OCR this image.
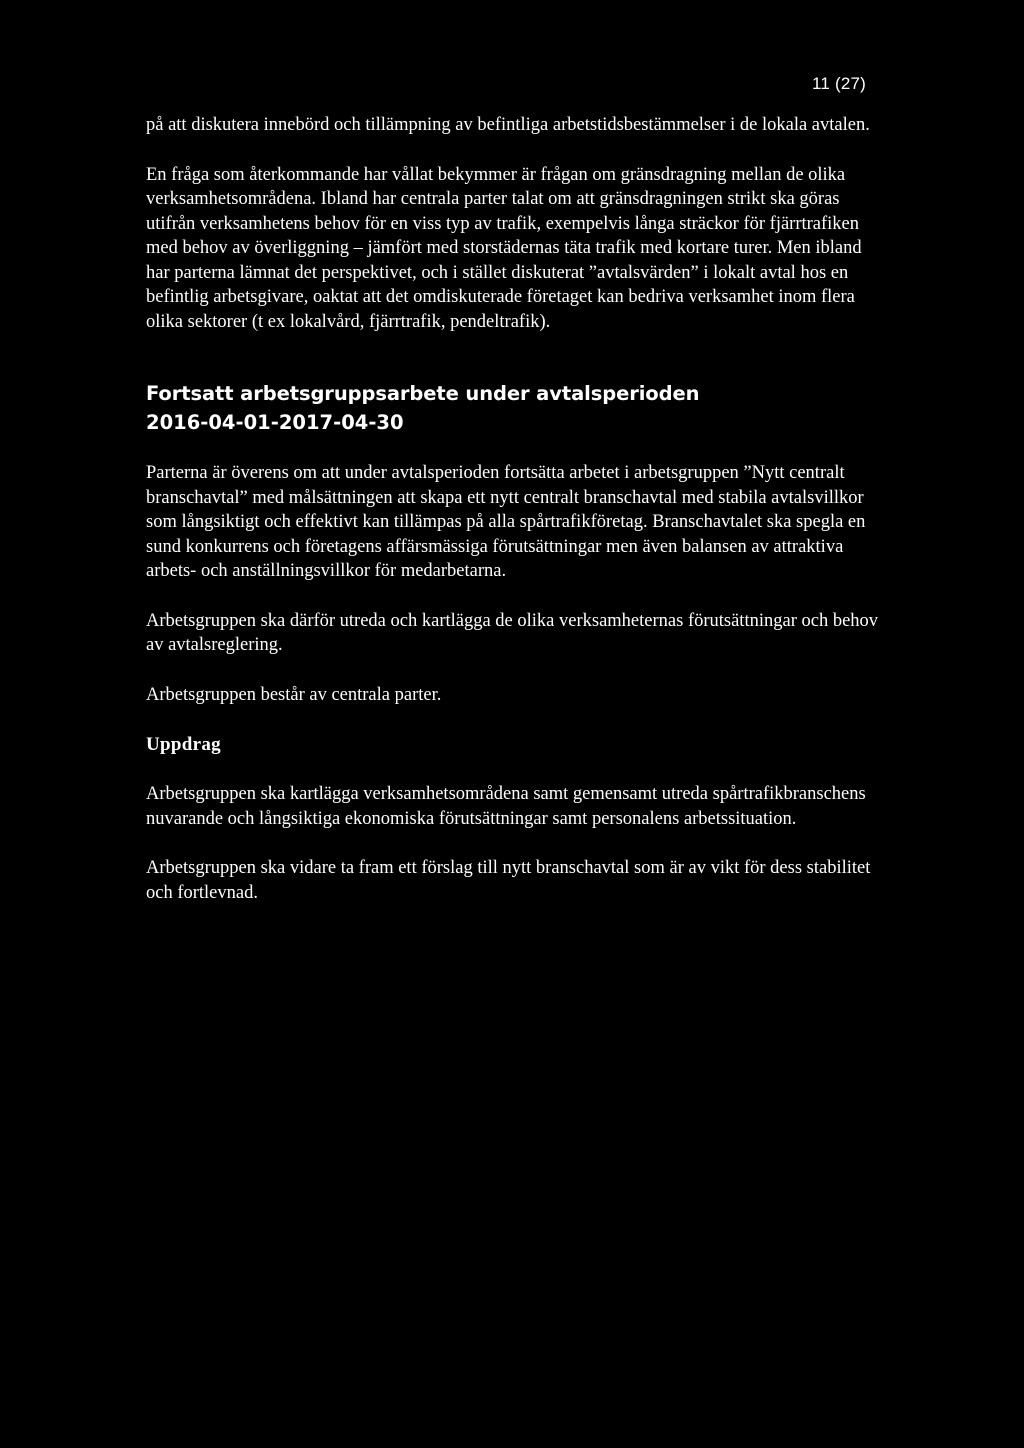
11 (27)

på att diskutera innebörd och tillämpning av befintliga arbetstidsbestämmelser i de lokala avtalen.

En fråga som återkommande har vållat bekymmer är frågan om gränsdragning mellan de olika verksamhetsområdena. Ibland har centrala parter talat om att gränsdragningen strikt ska göras utifrån verksamhetens behov för en viss typ av trafik, exempelvis långa sträckor för fjärrtrafiken med behov av överliggning – jämfört med storstädernas täta trafik med kortare turer. Men ibland har parterna lämnat det perspektivet, och i stället diskuterat ”avtalsvärden” i lokalt avtal hos en befintlig arbetsgivare, oaktat att det omdiskuterade företaget kan bedriva verksamhet inom flera olika sektorer (t ex lokalvård, fjärrtrafik, pendeltrafik).

Fortsatt arbetsgruppsarbete under avtalsperioden
2016-04-01-2017-04-30

Parterna är överens om att under avtalsperioden fortsätta arbetet i arbetsgruppen ”Nytt centralt branschavtal” med målsättningen att skapa ett nytt centralt branschavtal med stabila avtalsvillkor som långsiktigt och effektivt kan tillämpas på alla spårtrafikföretag. Branschavtalet ska spegla en sund konkurrens och företagens affärsmässiga förutsättningar men även balansen av attraktiva arbets- och anställningsvillkor för medarbetarna.

Arbetsgruppen ska därför utreda och kartlägga de olika verksamheternas förutsättningar och behov av avtalsreglering.

Arbetsgruppen består av centrala parter.

Uppdrag

Arbetsgruppen ska kartlägga verksamhetsområdena samt gemensamt utreda spårtrafikbranschens nuvarande och långsiktiga ekonomiska förutsättningar samt personalens arbetssituation.

Arbetsgruppen ska vidare ta fram ett förslag till nytt branschavtal som är av vikt för dess stabilitet och fortlevnad.
